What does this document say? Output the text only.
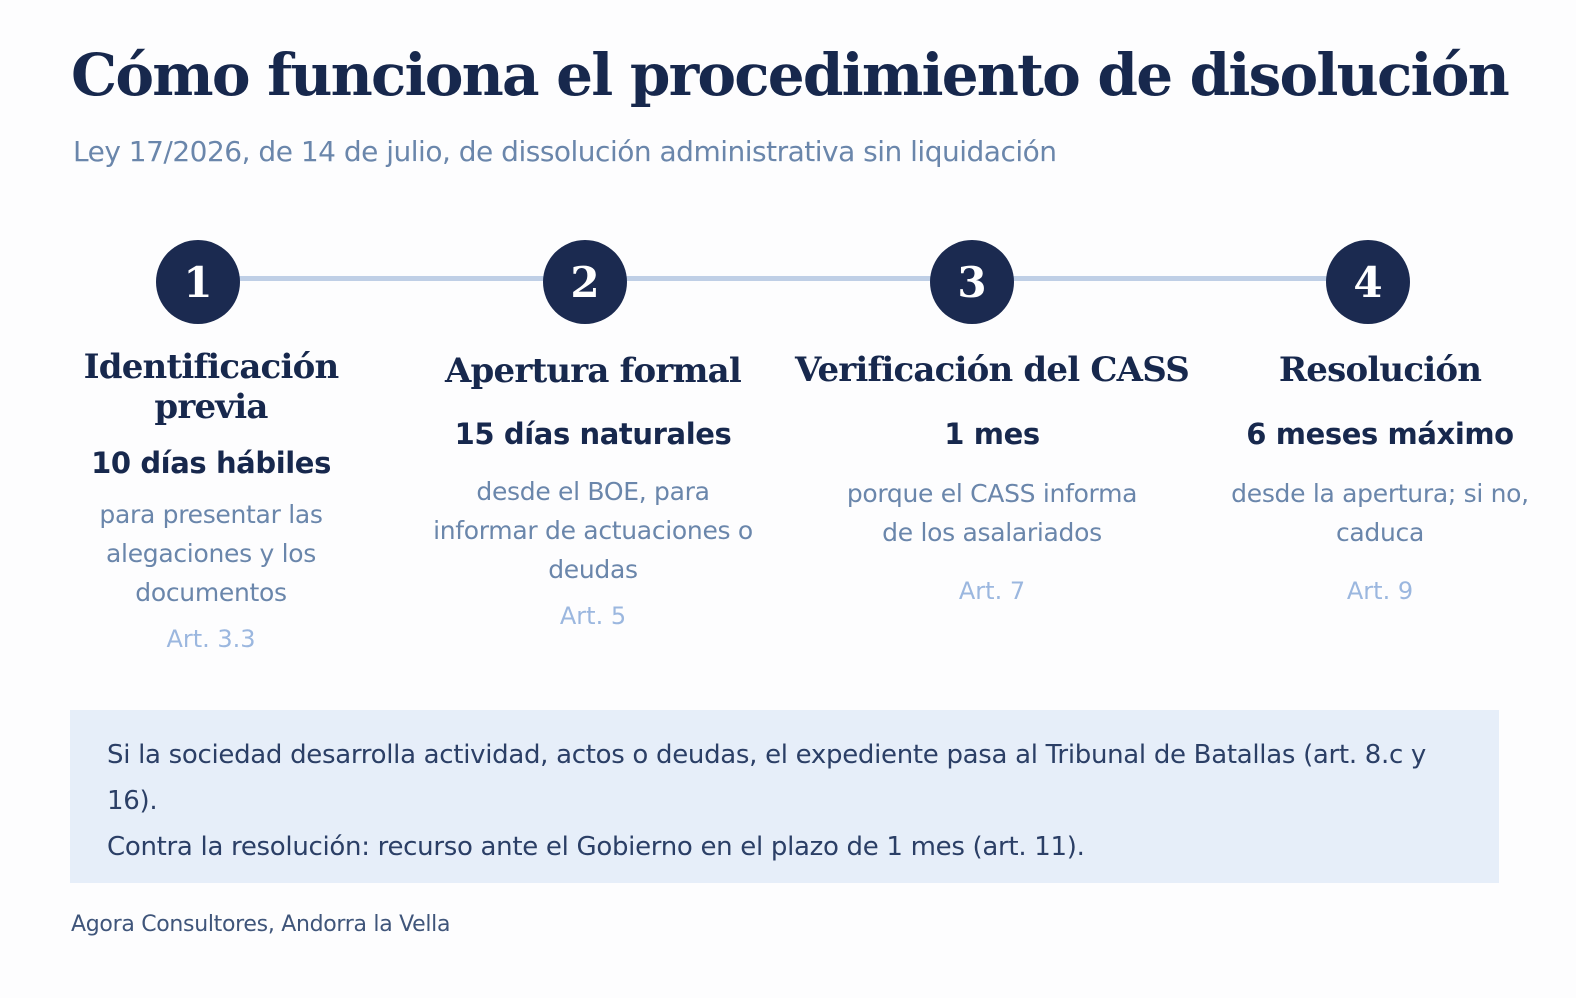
Cómo funciona el procedimiento de disolución

Ley 17/2026, de 14 de julio, de dissolución administrativa sin liquidación

1
Identificación previa
10 días hábiles
para presentar las alegaciones y los documentos
Art. 3.3
2
Apertura formal
15 días naturales
desde el BOE, para informar de actuaciones o deudas
Art. 5
3
Verificación del CASS
1 mes
porque el CASS informa de los asalariados
Art. 7
4
Resolución
6 meses máximo
desde la apertura; si no, caduca
Art. 9

Si la sociedad desarrolla actividad, actos o deudas, el expediente pasa al Tribunal de Batallas (art. 8.c y 16).

Contra la resolución: recurso ante el Gobierno en el plazo de 1 mes (art. 11).

Agora Consultores, Andorra la Vella
